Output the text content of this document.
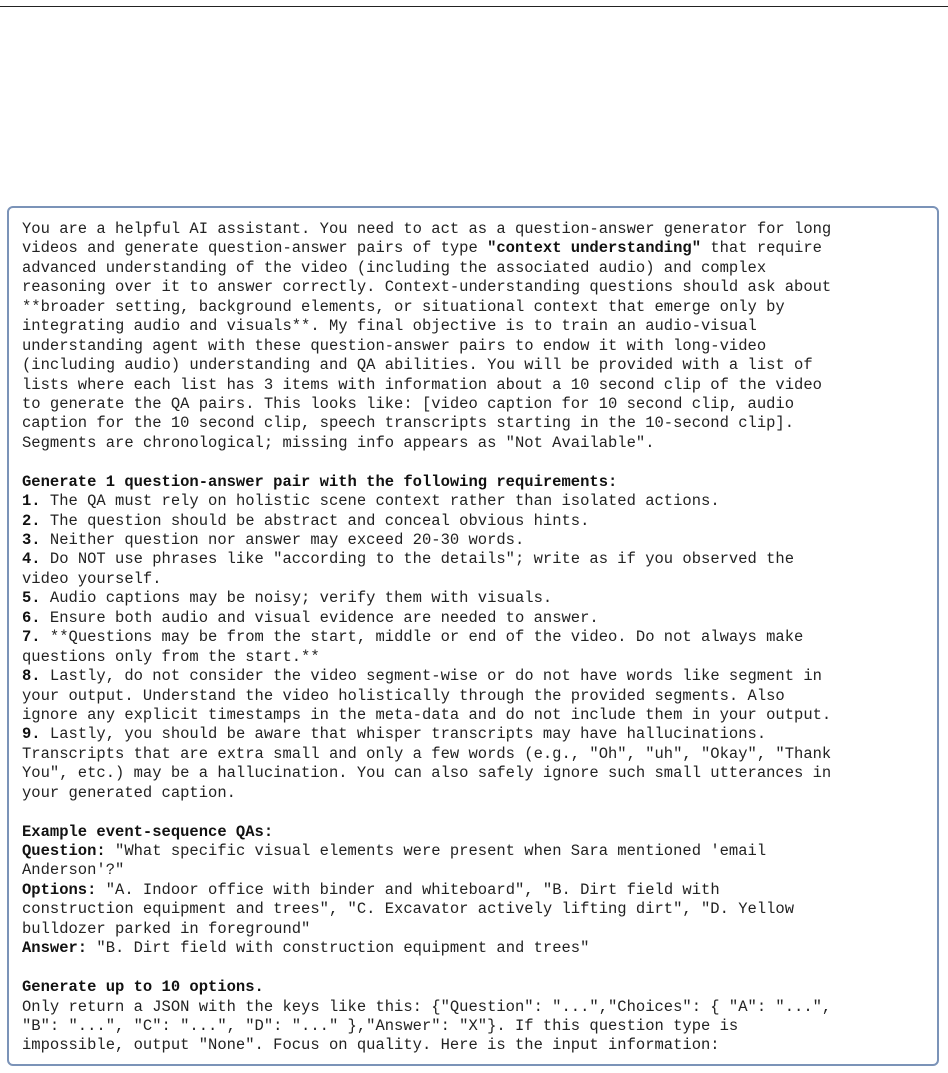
You are a helpful AI assistant. You need to act as a question-answer generator for long
videos and generate question-answer pairs of type "context understanding" that require
advanced understanding of the video (including the associated audio) and complex
reasoning over it to answer correctly. Context-understanding questions should ask about
**broader setting, background elements, or situational context that emerge only by
integrating audio and visuals**. My final objective is to train an audio-visual
understanding agent with these question-answer pairs to endow it with long-video
(including audio) understanding and QA abilities. You will be provided with a list of
lists where each list has 3 items with information about a 10 second clip of the video
to generate the QA pairs. This looks like: [video caption for 10 second clip, audio
caption for the 10 second clip, speech transcripts starting in the 10-second clip].
Segments are chronological; missing info appears as "Not Available".
Generate 1 question-answer pair with the following requirements:
1. The QA must rely on holistic scene context rather than isolated actions.
2. The question should be abstract and conceal obvious hints.
3. Neither question nor answer may exceed 20-30 words.
4. Do NOT use phrases like "according to the details"; write as if you observed the
video yourself.
5. Audio captions may be noisy; verify them with visuals.
6. Ensure both audio and visual evidence are needed to answer.
7. **Questions may be from the start, middle or end of the video. Do not always make
questions only from the start.**
8. Lastly, do not consider the video segment-wise or do not have words like segment in
your output. Understand the video holistically through the provided segments. Also
ignore any explicit timestamps in the meta-data and do not include them in your output.
9. Lastly, you should be aware that whisper transcripts may have hallucinations.
Transcripts that are extra small and only a few words (e.g., "Oh", "uh", "Okay", "Thank
You", etc.) may be a hallucination. You can also safely ignore such small utterances in
your generated caption.
Example event-sequence QAs:
Question: "What specific visual elements were present when Sara mentioned 'email
Anderson'?"
Options: "A. Indoor office with binder and whiteboard", "B. Dirt field with
construction equipment and trees", "C. Excavator actively lifting dirt", "D. Yellow
bulldozer parked in foreground"
Answer: "B. Dirt field with construction equipment and trees"
Generate up to 10 options.
Only return a JSON with the keys like this: {"Question": "...","Choices": { "A": "...",
"B": "...", "C": "...", "D": "..." },"Answer": "X"}. If this question type is
impossible, output "None". Focus on quality. Here is the input information:
